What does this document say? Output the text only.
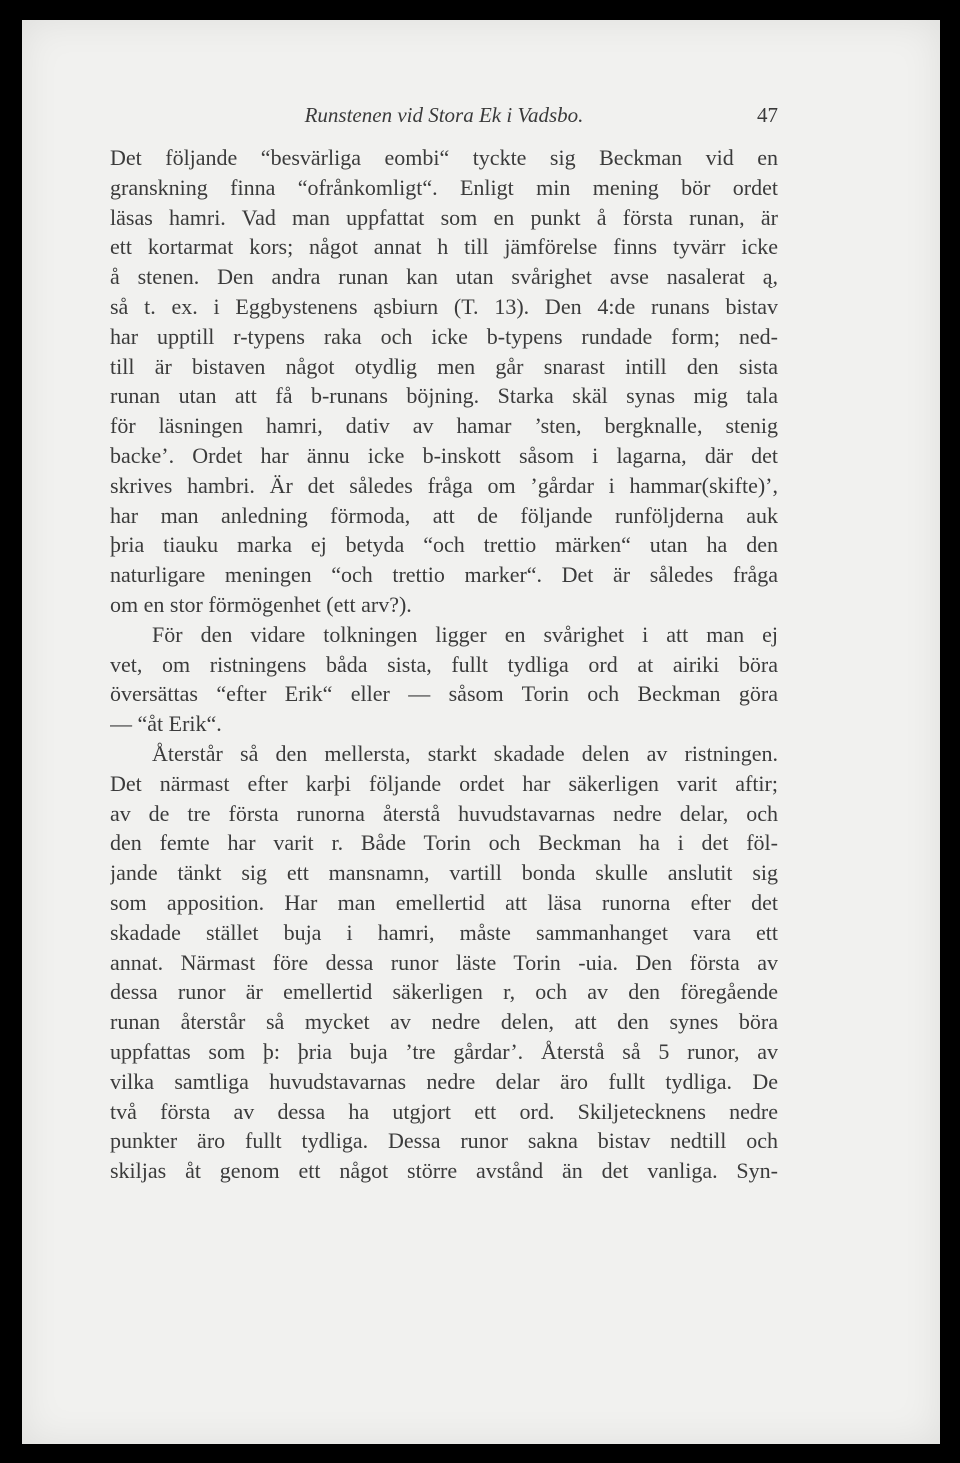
Runstenen vid Stora Ek i Vadsbo.	47
Det följande “besvärliga eombi“ tyckte sig Beckman vid en
granskning finna “ofrånkomligt“. Enligt min mening bör ordet
läsas hamri. Vad man uppfattat som en punkt å första runan, är
ett kortarmat kors; något annat h till jämförelse finns tyvärr icke
å stenen. Den andra runan kan utan svårighet avse nasalerat ą,
så t. ex. i Eggbystenens ąsbiurn (T. 13). Den 4:de runans bistav
har upptill r-typens raka och icke b-typens rundade form; ned-
till är bistaven något otydlig men går snarast intill den sista
runan utan att få b-runans böjning. Starka skäl synas mig tala
för läsningen hamri, dativ av hamar ’sten, bergknalle, stenig
backe’. Ordet har ännu icke b-inskott såsom i lagarna, där det
skrives hambri. Är det således fråga om ’gårdar i hammar(skifte)’,
har man anledning förmoda, att de följande runföljderna auk
þria tiauku marka ej betyda “och trettio märken“ utan ha den
naturligare meningen “och trettio marker“. Det är således fråga
om en stor förmögenhet (ett arv?).
För den vidare tolkningen ligger en svårighet i att man ej
vet, om ristningens båda sista, fullt tydliga ord at airiki böra
översättas “efter Erik“ eller — såsom Torin och Beckman göra
— “åt Erik“.
Återstår så den mellersta, starkt skadade delen av ristningen.
Det närmast efter karþi följande ordet har säkerligen varit aftir;
av de tre första runorna återstå huvudstavarnas nedre delar, och
den femte har varit r. Både Torin och Beckman ha i det föl-
jande tänkt sig ett mansnamn, vartill bonda skulle anslutit sig
som apposition. Har man emellertid att läsa runorna efter det
skadade stället buja i hamri, måste sammanhanget vara ett
annat. Närmast före dessa runor läste Torin -uia. Den första av
dessa runor är emellertid säkerligen r, och av den föregående
runan återstår så mycket av nedre delen, att den synes böra
uppfattas som þ: þria buja ’tre gårdar’. Återstå så 5 runor, av
vilka samtliga huvudstavarnas nedre delar äro fullt tydliga. De
två första av dessa ha utgjort ett ord. Skiljetecknens nedre
punkter äro fullt tydliga. Dessa runor sakna bistav nedtill och
skiljas åt genom ett något större avstånd än det vanliga. Syn-
